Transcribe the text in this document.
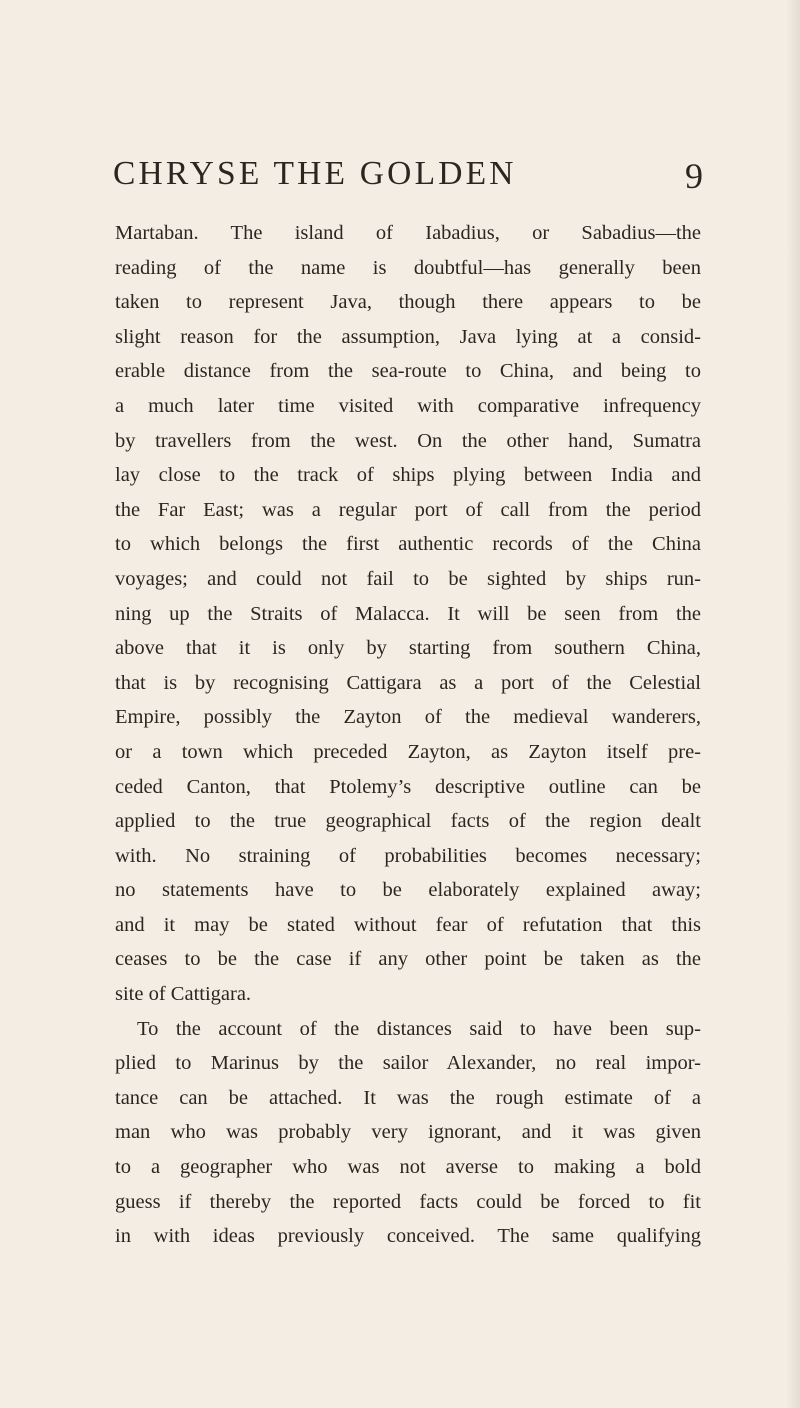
CHRYSE THE GOLDEN	9
Martaban. The island of Iabadius, or Sabadius—the
reading of the name is doubtful—has generally been
taken to represent Java, though there appears to be
slight reason for the assumption, Java lying at a consid-
erable distance from the sea-route to China, and being to
a much later time visited with comparative infrequency
by travellers from the west. On the other hand, Sumatra
lay close to the track of ships plying between India and
the Far East; was a regular port of call from the period
to which belongs the first authentic records of the China
voyages; and could not fail to be sighted by ships run-
ning up the Straits of Malacca. It will be seen from the
above that it is only by starting from southern China,
that is by recognising Cattigara as a port of the Celestial
Empire, possibly the Zayton of the medieval wanderers,
or a town which preceded Zayton, as Zayton itself pre-
ceded Canton, that Ptolemy’s descriptive outline can be
applied to the true geographical facts of the region dealt
with. No straining of probabilities becomes necessary;
no statements have to be elaborately explained away;
and it may be stated without fear of refutation that this
ceases to be the case if any other point be taken as the
site of Cattigara.
To the account of the distances said to have been sup-
plied to Marinus by the sailor Alexander, no real impor-
tance can be attached. It was the rough estimate of a
man who was probably very ignorant, and it was given
to a geographer who was not averse to making a bold
guess if thereby the reported facts could be forced to fit
in with ideas previously conceived. The same qualifying
